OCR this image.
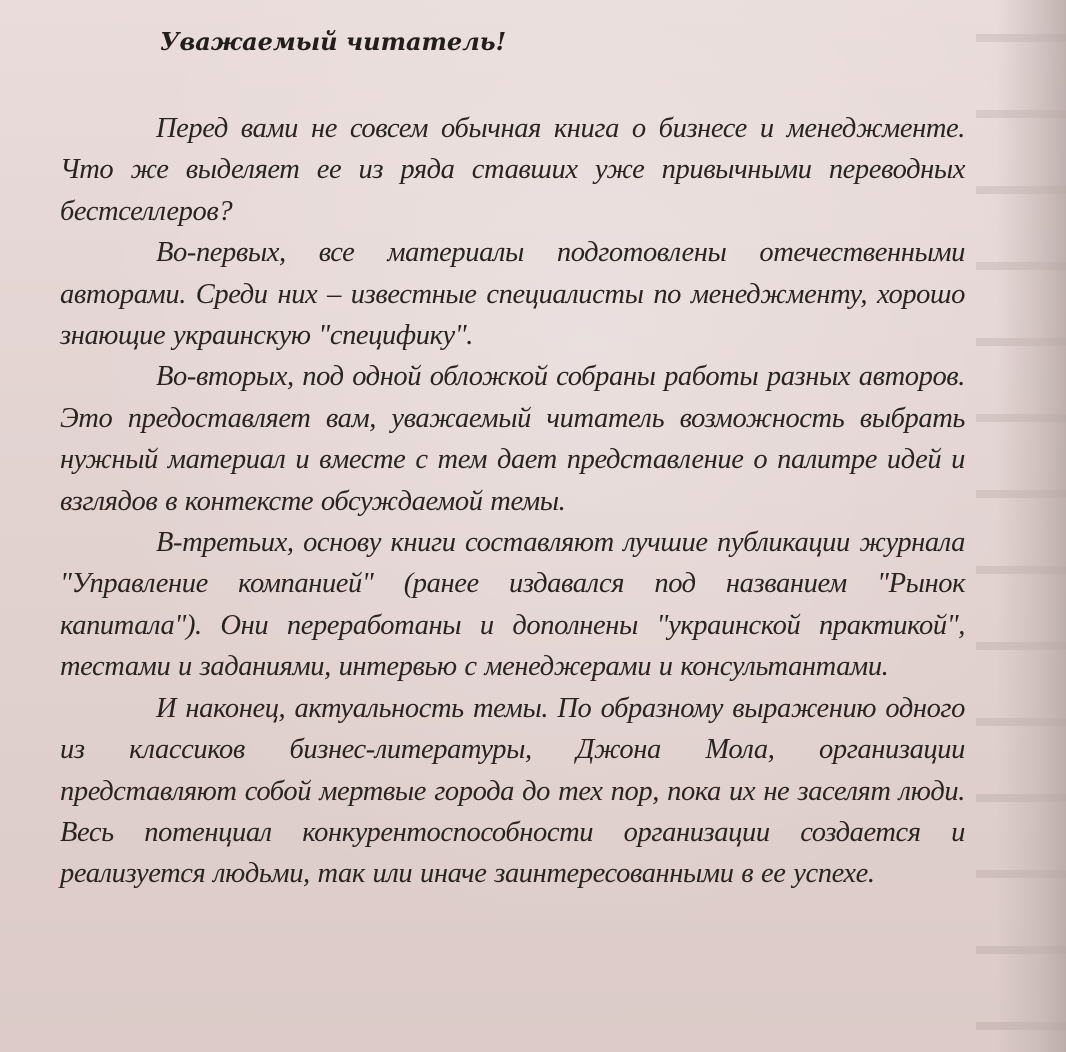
Уважаемый читатель!

Перед вами не совсем обычная книга о бизнесе и менеджменте. Что же выделяет ее из ряда ставших уже привычными переводных бестселлеров?

Во-первых, все материалы подготовлены отечественными авторами. Среди них – известные специалисты по менеджменту, хорошо знающие украинскую "специфику".

Во-вторых, под одной обложкой собраны работы разных авторов. Это предоставляет вам, уважаемый читатель возможность выбрать нужный материал и вместе с тем дает представление о палитре идей и взглядов в контексте обсуждаемой темы.

В-третьих, основу книги составляют лучшие публикации журнала "Управление компанией" (ранее издавался под названием "Рынок капитала"). Они переработаны и дополнены "украинской практикой", тестами и заданиями, интервью с менеджерами и консультантами.

И наконец, актуальность темы. По образному выражению одного из классиков бизнес-литературы, Джона Мола, организации представляют собой мертвые города до тех пор, пока их не заселят люди. Весь потенциал конкурентоспособности организации создается и реализуется людьми, так или иначе заинтересованными в ее успехе.
